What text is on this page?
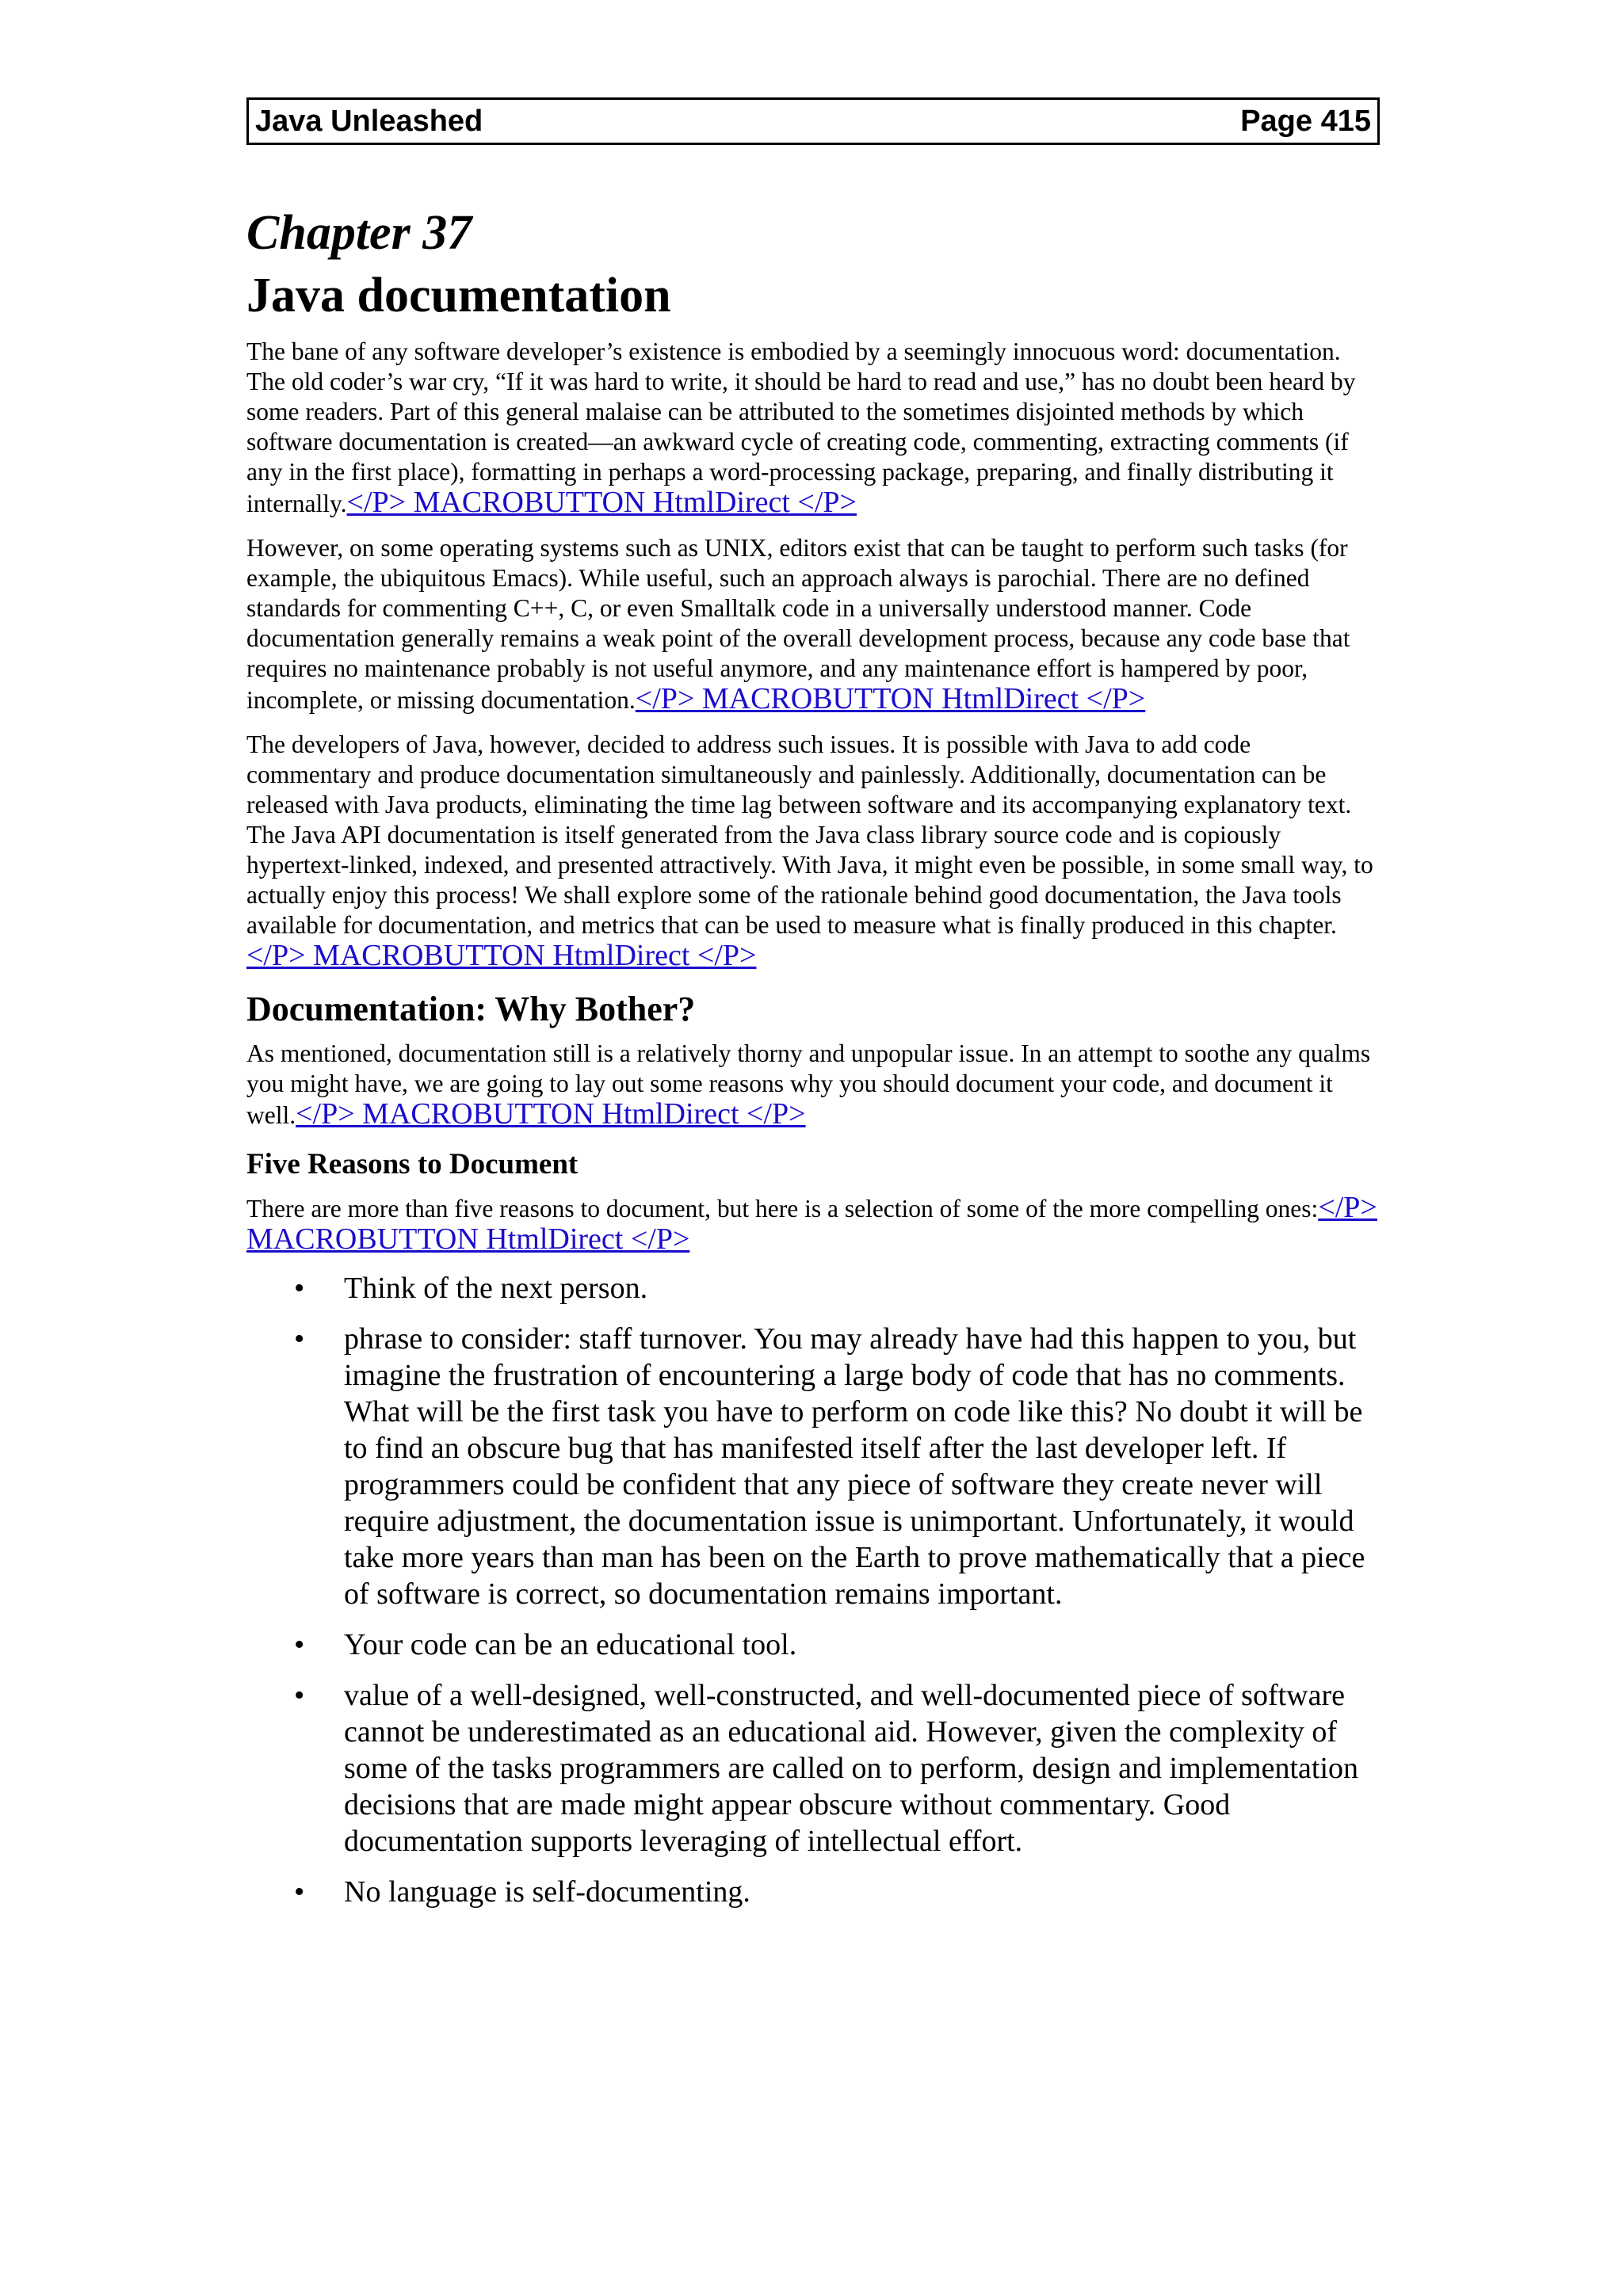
Java Unleashed	Page 415
Chapter 37
Java documentation

The bane of any software developer’s existence is embodied by a seemingly innocuous word: documentation. The old coder’s war cry, “If it was hard to write, it should be hard to read and use,” has no doubt been heard by some readers. Part of this general malaise can be attributed to the sometimes disjointed methods by which software documentation is created—an awkward cycle of creating code, commenting, extracting comments (if any in the first place), formatting in perhaps a word-processing package, preparing, and finally distributing it internally.</P> MACROBUTTON HtmlDirect </P>

However, on some operating systems such as UNIX, editors exist that can be taught to perform such tasks (for example, the ubiquitous Emacs). While useful, such an approach always is parochial. There are no defined standards for commenting C++, C, or even Smalltalk code in a universally understood manner. Code documentation generally remains a weak point of the overall development process, because any code base that requires no maintenance probably is not useful anymore, and any maintenance effort is hampered by poor, incomplete, or missing documentation.</P> MACROBUTTON HtmlDirect </P>

The developers of Java, however, decided to address such issues. It is possible with Java to add code commentary and produce documentation simultaneously and painlessly. Additionally, documentation can be released with Java products, eliminating the time lag between software and its accompanying explanatory text. The Java API documentation is itself generated from the Java class library source code and is copiously hypertext-linked, indexed, and presented attractively. With Java, it might even be possible, in some small way, to actually enjoy this process! We shall explore some of the rationale behind good documentation, the Java tools available for documentation, and metrics that can be used to measure what is finally produced in this chapter.</P> MACROBUTTON HtmlDirect </P>

Documentation: Why Bother?

As mentioned, documentation still is a relatively thorny and unpopular issue. In an attempt to soothe any qualms you might have, we are going to lay out some reasons why you should document your code, and document it well.</P> MACROBUTTON HtmlDirect </P>

Five Reasons to Document

There are more than five reasons to document, but here is a selection of some of the more compelling ones:</P> MACROBUTTON HtmlDirect </P>

• Think of the next person.
• phrase to consider: staff turnover. You may already have had this happen to you, but imagine the frustration of encountering a large body of code that has no comments. What will be the first task you have to perform on code like this? No doubt it will be to find an obscure bug that has manifested itself after the last developer left. If programmers could be confident that any piece of software they create never will require adjustment, the documentation issue is unimportant. Unfortunately, it would take more years than man has been on the Earth to prove mathematically that a piece of software is correct, so documentation remains important.
• Your code can be an educational tool.
• value of a well-designed, well-constructed, and well-documented piece of software cannot be underestimated as an educational aid. However, given the complexity of some of the tasks programmers are called on to perform, design and implementation decisions that are made might appear obscure without commentary. Good documentation supports leveraging of intellectual effort.
• No language is self-documenting.
